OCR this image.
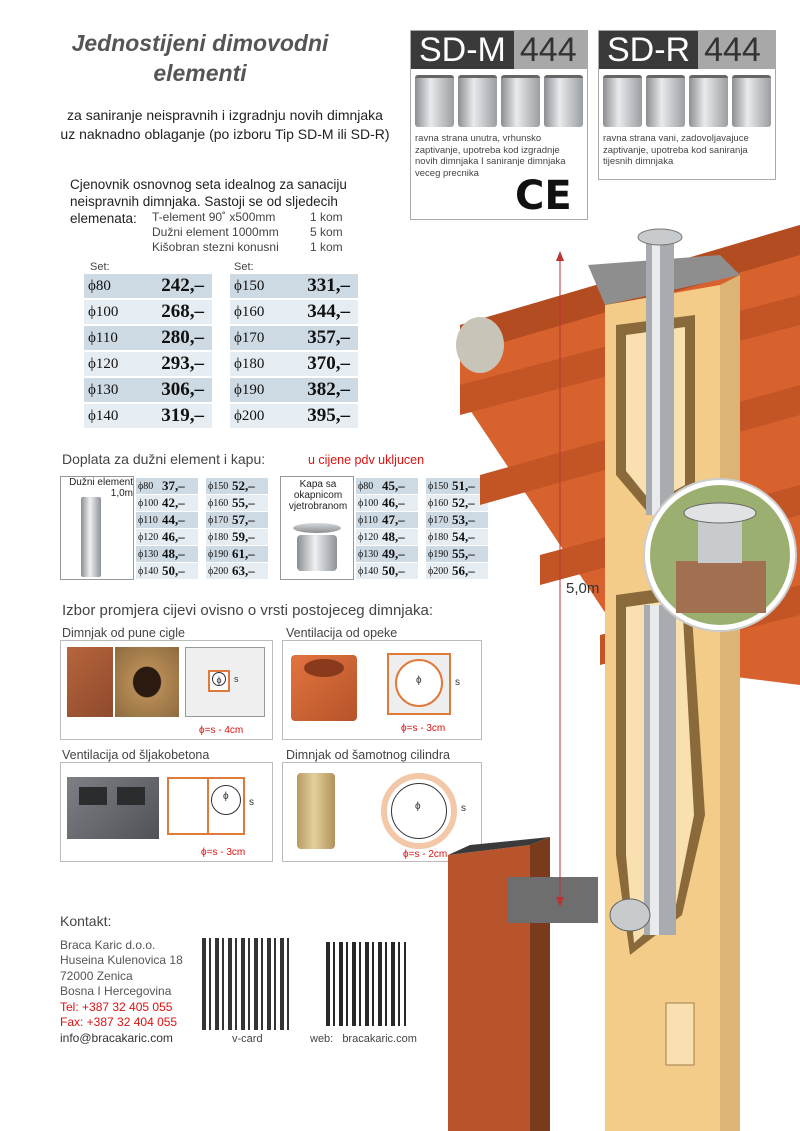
Jednostijeni dimovodni elementi
za saniranje neispravnih i izgradnju novih dimnjaka uz naknadno oblaganje (po izboru Tip SD-M ili SD-R)
SD-M 444
ravna strana unutra, vrhunsko zaptivanje, upotreba kod izgradnje novih dimnjaka I saniranje dimnjaka veceg precnika CE
SD-R 444
ravna strana vani, zadovoljavajuce zaptivanje, upotreba kod saniranja tijesnih dimnjaka
Cjenovnik osnovnog seta idealnog za sanaciju neispravnih dimnjaka. Sastoji se od sljedecih
elemenata:	T-element 90˚ x500mm	1 kom
Dužni element 1000mm	5 kom
Kišobran stezni konusni	1 kom
Set:	Set:
ϕ80	242,–
ϕ100	268,–
ϕ110	280,–
ϕ120	293,–
ϕ130	306,–
ϕ140	319,–
ϕ150	331,–
ϕ160	344,–
ϕ170	357,–
ϕ180	370,–
ϕ190	382,–
ϕ200	395,–
Doplata za dužni element i kapu:	u cijene pdv ukljucen
Dužni element 1,0m
ϕ80	37,–
ϕ100	42,–
ϕ110	44,–
ϕ120	46,–
ϕ130	48,–
ϕ140	50,–
ϕ150	52,–
ϕ160	55,–
ϕ170	57,–
ϕ180	59,–
ϕ190	61,–
ϕ200	63,–
Kapa sa okapnicom vjetrobranom
ϕ80	45,–
ϕ100	46,–
ϕ110	47,–
ϕ120	48,–
ϕ130	49,–
ϕ140	50,–
ϕ150	51,–
ϕ160	52,–
ϕ170	53,–
ϕ180	54,–
ϕ190	55,–
ϕ200	56,–
Izbor promjera cijevi ovisno o vrsti postojeceg dimnjaka:
Dimnjak od pune cigle
ϕ	s
ϕ=s - 4cm
Ventilacija od opeke
ϕ	s
ϕ=s - 3cm
Ventilacija od šljakobetona
ϕ
s
ϕ=s - 3cm
Dimnjak od šamotnog cilindra
ϕ	s
ϕ=s - 2cm
5,0m
Kontakt:
Braca Karic d.o.o.
Huseina Kulenovica 18
72000 Zenica
Bosna I Hercegovina
Tel: +387 32 405 055
Fax: +387 32 404 055
info@bracakaric.com	v-card	web: bracakaric.com
